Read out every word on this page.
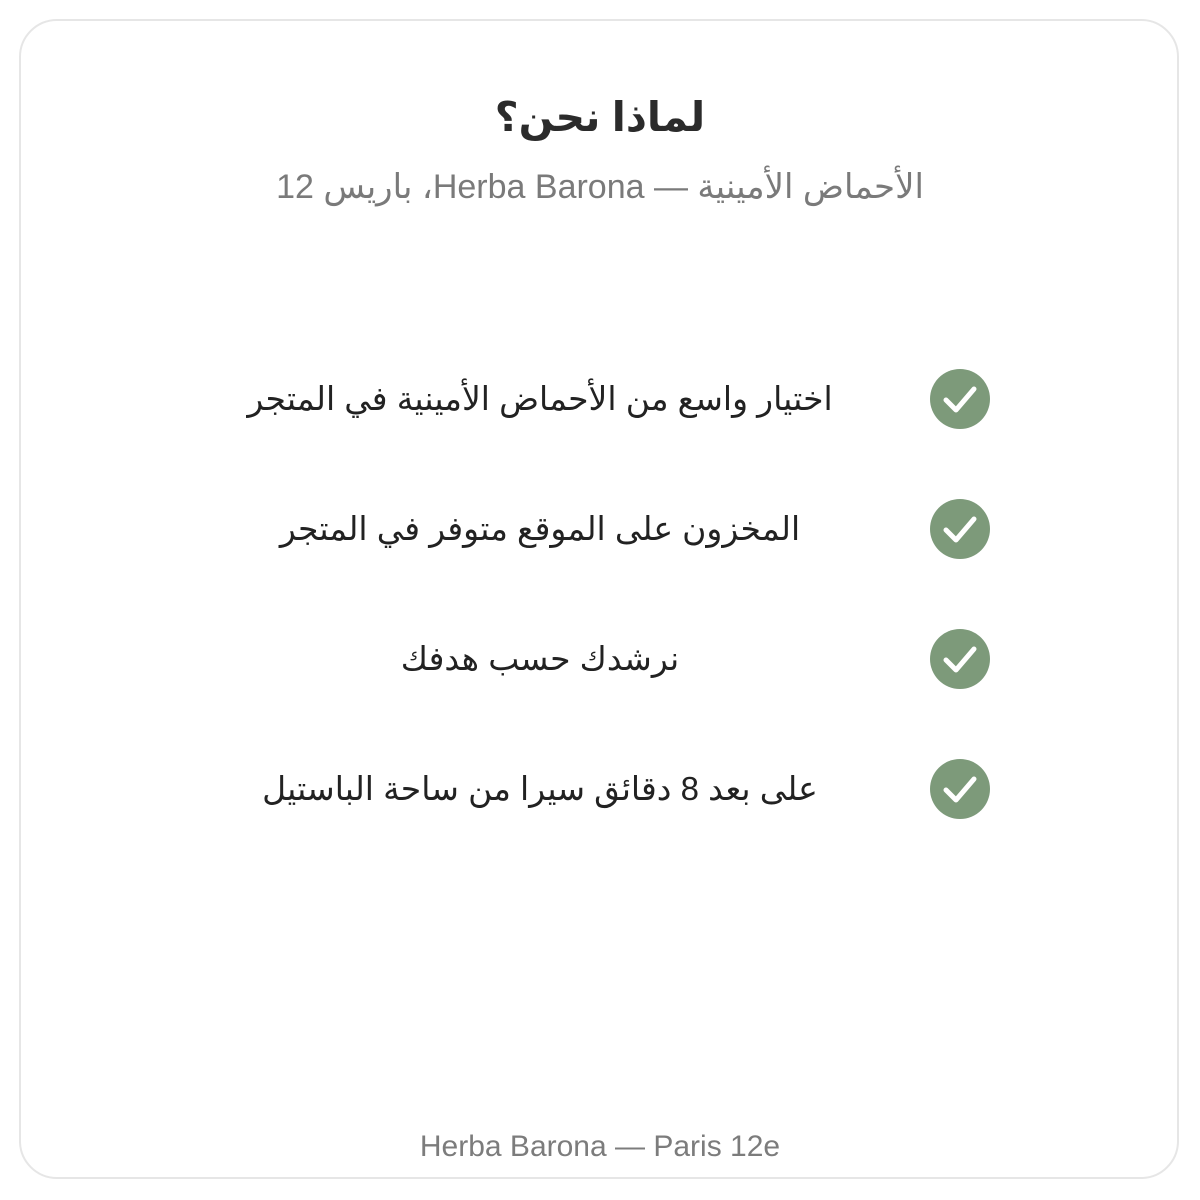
لماذا نحن؟
الأحماض الأمينية — Herba Barona، باريس 12
اختيار واسع من الأحماض الأمينية في المتجر
المخزون على الموقع متوفر في المتجر
نرشدك حسب هدفك
على بعد 8 دقائق سيرا من ساحة الباستيل
Herba Barona — Paris 12e
